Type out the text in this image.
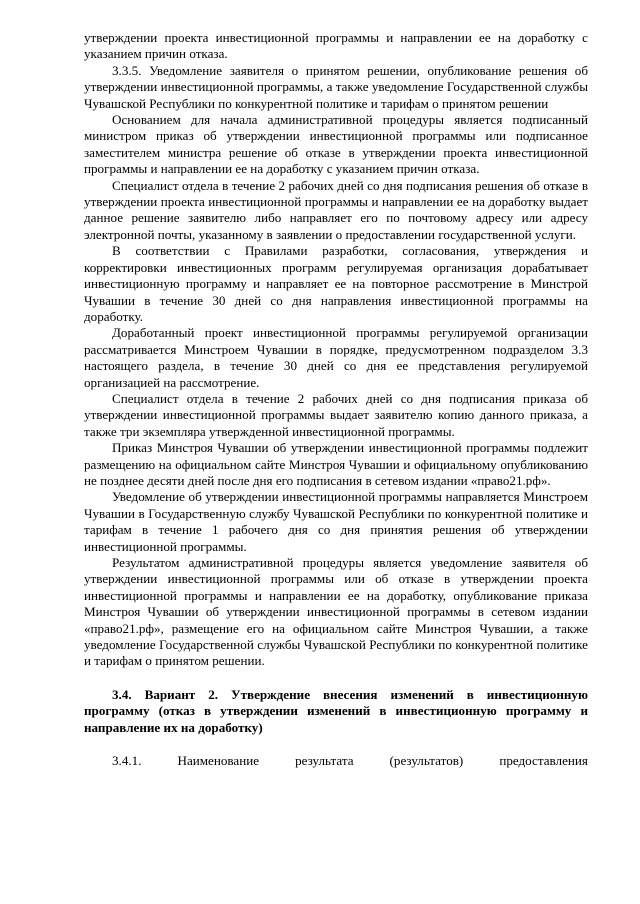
утверждении проекта инвестиционной программы и направлении ее на доработку с указанием причин отказа.

3.3.5. Уведомление заявителя о принятом решении, опубликование решения об утверждении инвестиционной программы, а также уведомление Государственной службы Чувашской Республики по конкурентной политике и тарифам о принятом решении

Основанием для начала административной процедуры является подписанный министром приказ об утверждении инвестиционной программы или подписанное заместителем министра решение об отказе в утверждении проекта инвестиционной программы и направлении ее на доработку с указанием причин отказа.

Специалист отдела в течение 2 рабочих дней со дня подписания решения об отказе в утверждении проекта инвестиционной программы и направлении ее на доработку выдает данное решение заявителю либо направляет его по почтовому адресу или адресу электронной почты, указанному в заявлении о предоставлении государственной услуги.

В соответствии с Правилами разработки, согласования, утверждения и корректировки инвестиционных программ регулируемая организация дорабатывает инвестиционную программу и направляет ее на повторное рассмотрение в Минстрой Чувашии в течение 30 дней со дня направления инвестиционной программы на доработку.

Доработанный проект инвестиционной программы регулируемой организации рассматривается Минстроем Чувашии в порядке, предусмотренном подразделом 3.3 настоящего раздела, в течение 30 дней со дня ее представления регулируемой организацией на рассмотрение.

Специалист отдела в течение 2 рабочих дней со дня подписания приказа об утверждении инвестиционной программы выдает заявителю копию данного приказа, а также три экземпляра утвержденной инвестиционной программы.

Приказ Минстроя Чувашии об утверждении инвестиционной программы подлежит размещению на официальном сайте Минстроя Чувашии и официальному опубликованию не позднее десяти дней после дня его подписания в сетевом издании «право21.рф».

Уведомление об утверждении инвестиционной программы направляется Минстроем Чувашии в Государственную службу Чувашской Республики по конкурентной политике и тарифам в течение 1 рабочего дня со дня принятия решения об утверждении инвестиционной программы.

Результатом административной процедуры является уведомление заявителя об утверждении инвестиционной программы или об отказе в утверждении проекта инвестиционной программы и направлении ее на доработку, опубликование приказа Минстроя Чувашии об утверждении инвестиционной программы в сетевом издании «право21.рф», размещение его на официальном сайте Минстроя Чувашии, а также уведомление Государственной службы Чувашской Республики по конкурентной политике и тарифам о принятом решении.

3.4. Вариант 2. Утверждение внесения изменений в инвестиционную программу (отказ в утверждении изменений в инвестиционную программу и направление их на доработку)

3.4.1.	Наименование	результата	(результатов)	предоставления
